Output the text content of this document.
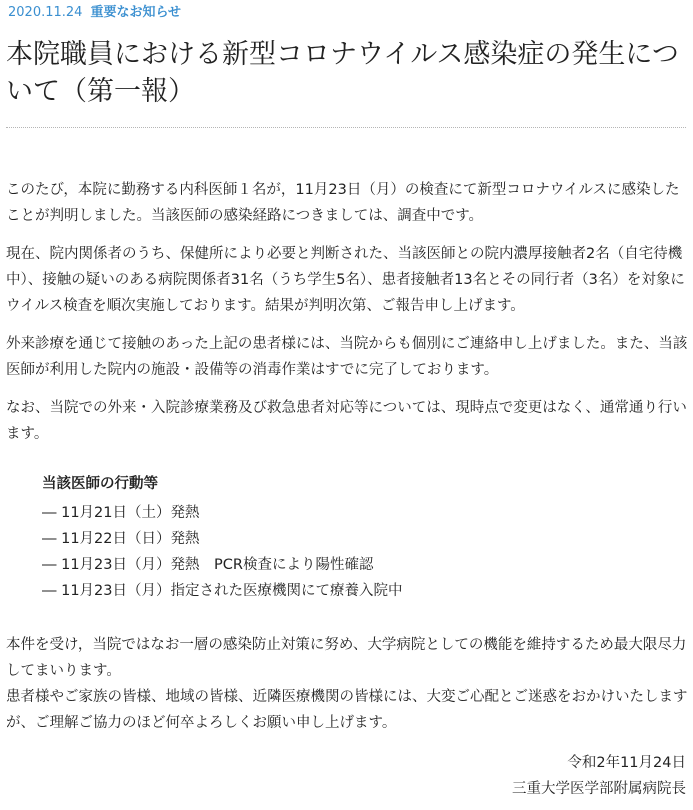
2020.11.24 重要なお知らせ
本院職員における新型コロナウイルス感染症の発生について（第一報）

このたび，本院に勤務する内科医師１名が，11月23日（月）の検査にて新型コロナウイルスに感染したことが判明しました。当該医師の感染経路につきましては、調査中です。

現在、院内関係者のうち、保健所により必要と判断された、当該医師との院内濃厚接触者2名（自宅待機中）、接触の疑いのある病院関係者31名（うち学生5名）、患者接触者13名とその同行者（3名）を対象にウイルス検査を順次実施しております。結果が判明次第、ご報告申し上げます。

外来診療を通じて接触のあった上記の患者様には、当院からも個別にご連絡申し上げました。また、当該医師が利用した院内の施設・設備等の消毒作業はすでに完了しております。

なお、当院での外来・入院診療業務及び救急患者対応等については、現時点で変更はなく、通常通り行います。

当該医師の行動等
― 11月21日（土）発熱
― 11月22日（日）発熱
― 11月23日（月）発熱　PCR検査により陽性確認
― 11月23日（月）指定された医療機関にて療養入院中

本件を受け，当院ではなお一層の感染防止対策に努め、大学病院としての機能を維持するため最大限尽力してまいります。

患者様やご家族の皆様、地域の皆様、近隣医療機関の皆様には、大変ご心配とご迷惑をおかけいたしますが、ご理解ご協力のほど何卒よろしくお願い申し上げます。

令和2年11月24日
三重大学医学部附属病院長
